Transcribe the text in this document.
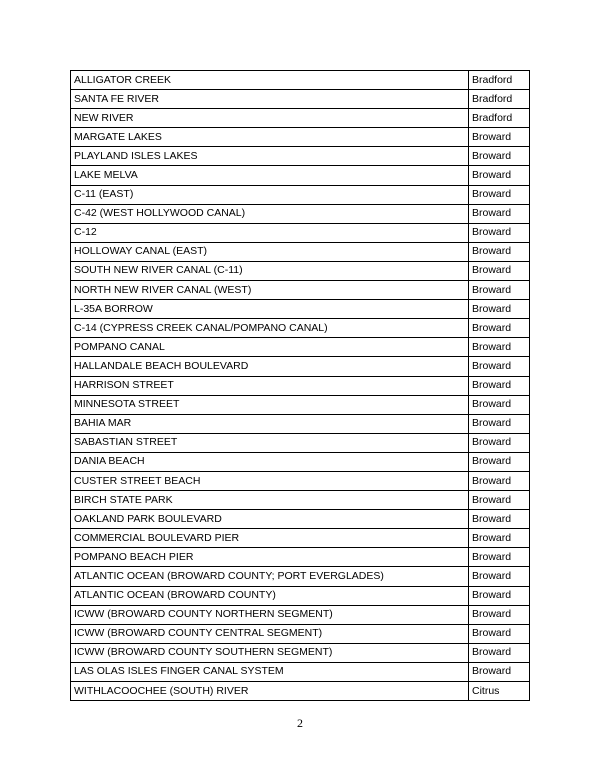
ALLIGATOR CREEK	Bradford
SANTA FE RIVER	Bradford
NEW RIVER	Bradford
MARGATE LAKES	Broward
PLAYLAND ISLES LAKES	Broward
LAKE MELVA	Broward
C-11 (EAST)	Broward
C-42 (WEST HOLLYWOOD CANAL)	Broward
C-12	Broward
HOLLOWAY CANAL (EAST)	Broward
SOUTH NEW RIVER CANAL (C-11)	Broward
NORTH NEW RIVER CANAL (WEST)	Broward
L-35A BORROW	Broward
C-14 (CYPRESS CREEK CANAL/POMPANO CANAL)	Broward
POMPANO CANAL	Broward
HALLANDALE BEACH BOULEVARD	Broward
HARRISON STREET	Broward
MINNESOTA STREET	Broward
BAHIA MAR	Broward
SABASTIAN STREET	Broward
DANIA BEACH	Broward
CUSTER STREET BEACH	Broward
BIRCH STATE PARK	Broward
OAKLAND PARK BOULEVARD	Broward
COMMERCIAL BOULEVARD PIER	Broward
POMPANO BEACH PIER	Broward
ATLANTIC OCEAN (BROWARD COUNTY; PORT EVERGLADES)	Broward
ATLANTIC OCEAN (BROWARD COUNTY)	Broward
ICWW (BROWARD COUNTY NORTHERN SEGMENT)	Broward
ICWW (BROWARD COUNTY CENTRAL SEGMENT)	Broward
ICWW (BROWARD COUNTY SOUTHERN SEGMENT)	Broward
LAS OLAS ISLES FINGER CANAL SYSTEM	Broward
WITHLACOOCHEE (SOUTH) RIVER	Citrus
2
